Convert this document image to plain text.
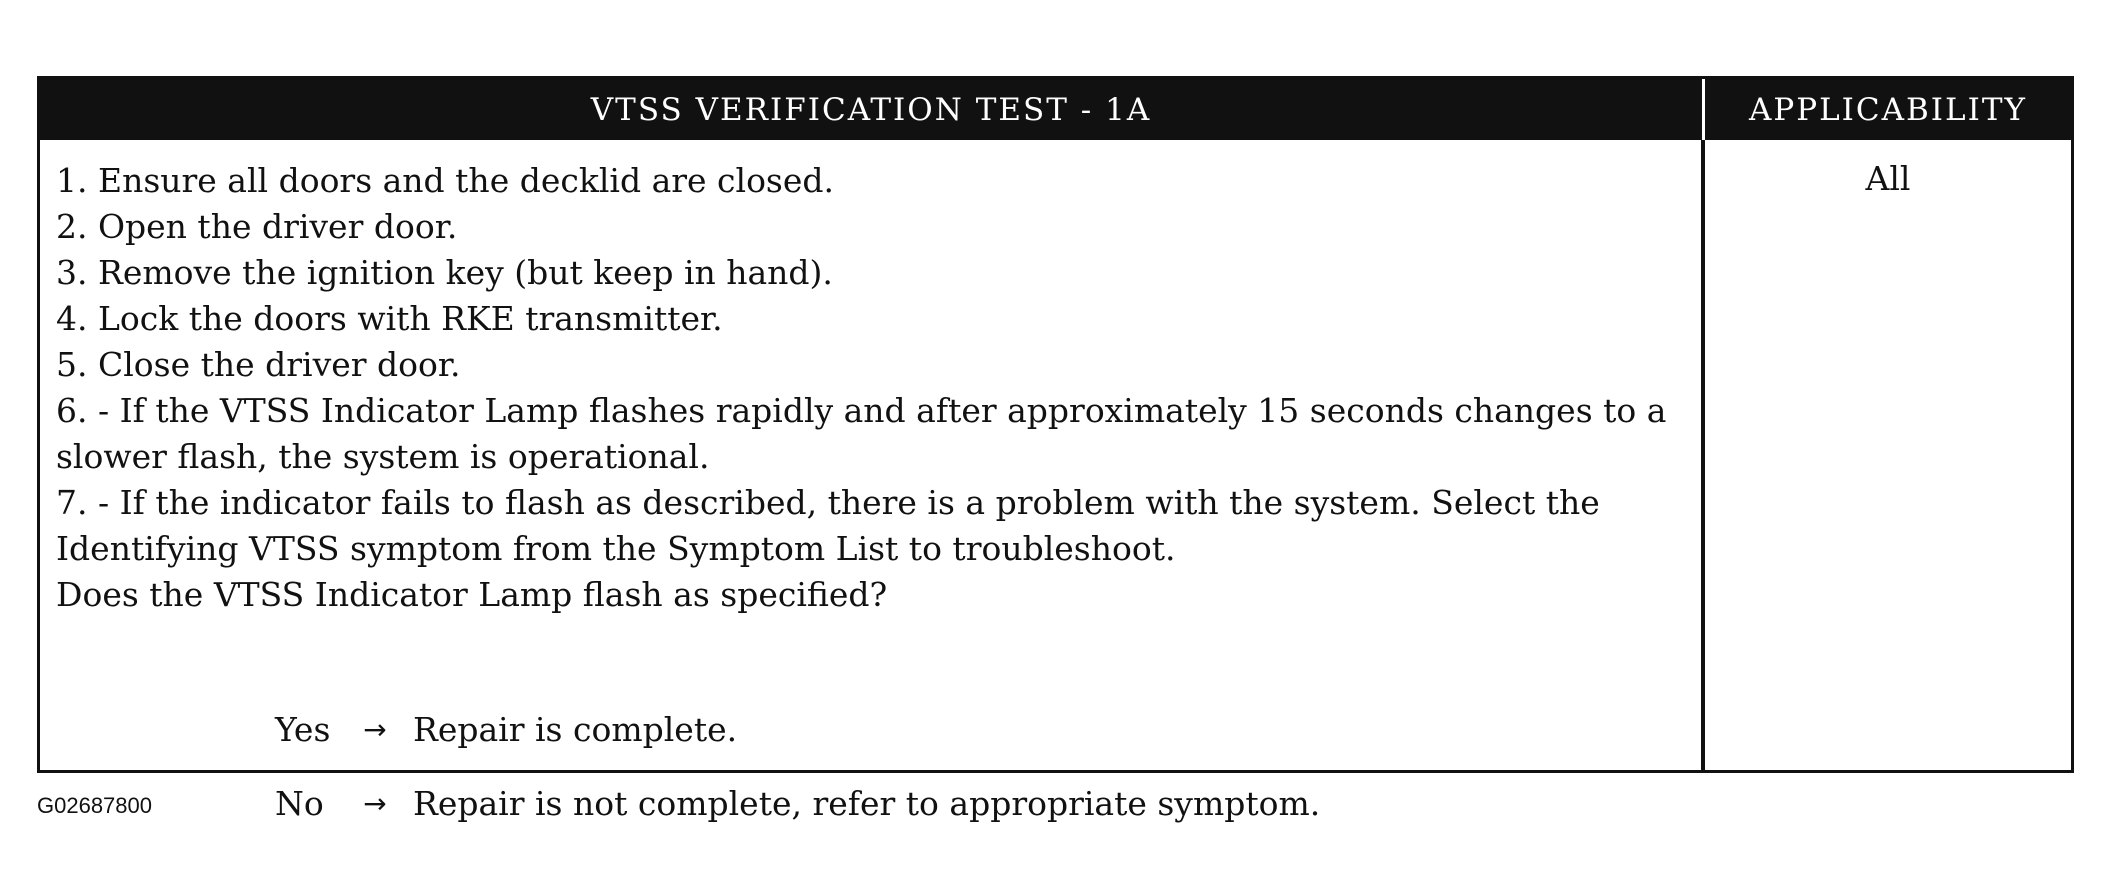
VTSS VERIFICATION TEST - 1A	APPLICABILITY
1. Ensure all doors and the decklid are closed.
2. Open the driver door.
3. Remove the ignition key (but keep in hand).
4. Lock the doors with RKE transmitter.
5. Close the driver door.
6. - If the VTSS Indicator Lamp flashes rapidly and after approximately 15 seconds changes to a slower flash, the system is operational.
7. - If the indicator fails to flash as described, there is a problem with the system. Select the Identifying VTSS symptom from the Symptom List to troubleshoot.

Does the VTSS Indicator Lamp flash as specified?

Yes	→ Repair is complete.
No	→ Repair is not complete, refer to appropriate symptom.
All
G02687800
